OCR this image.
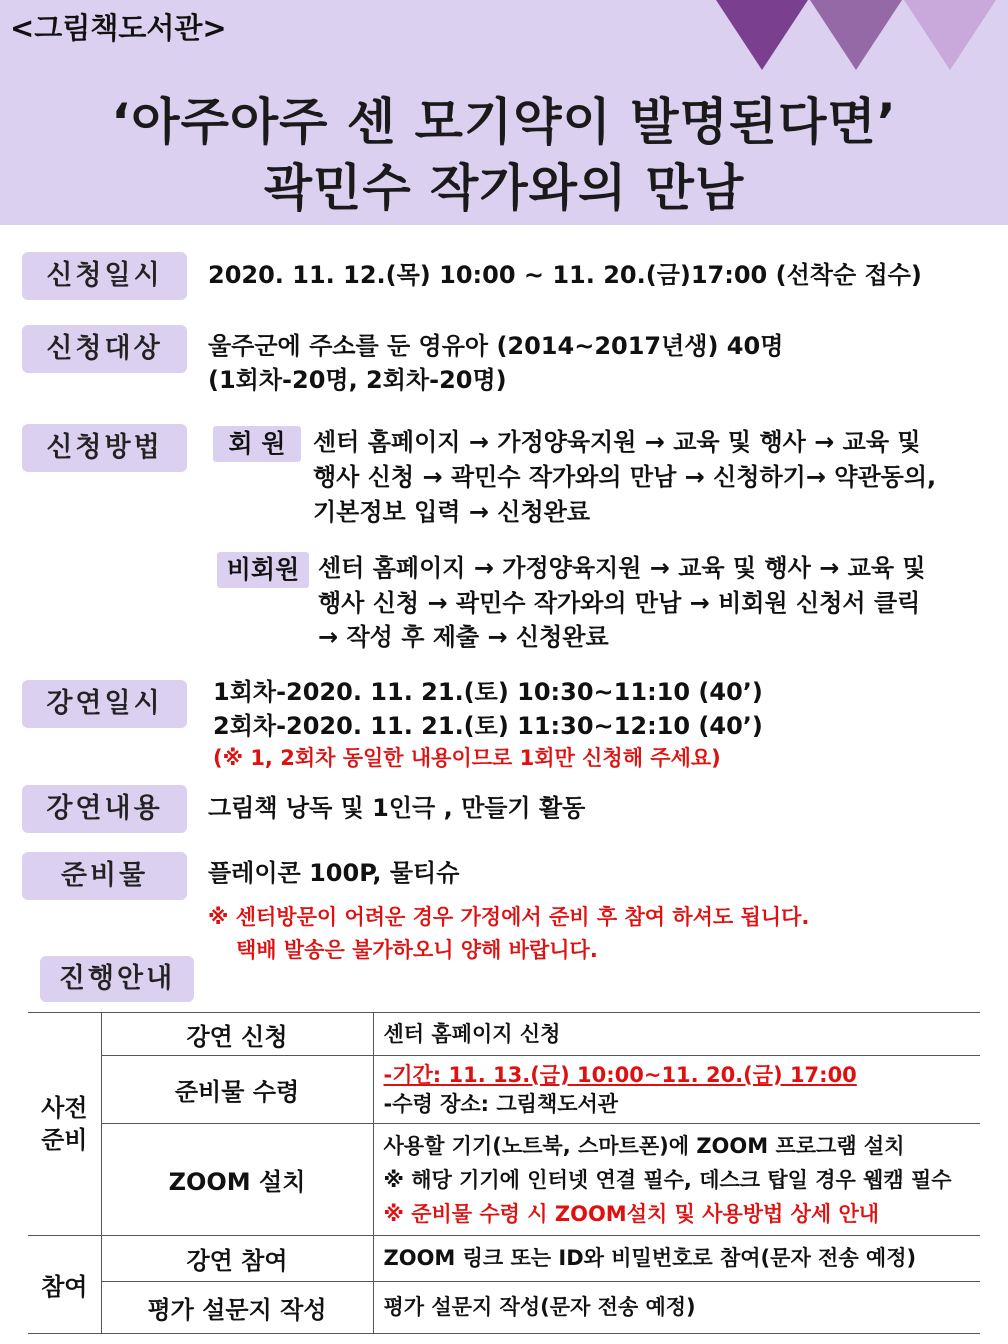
<그림책도서관>
‘아주아주 센 모기약이 발명된다면’
곽민수 작가와의 만남
신청일시	2020. 11. 12.(목) 10:00 ~ 11. 20.(금)17:00 (선착순 접수)
신청대상	울주군에 주소를 둔 영유아 (2014~2017년생) 40명
(1회차-20명, 2회차-20명)
신청방법	회 원	센터 홈페이지 → 가정양육지원 → 교육 및 행사 → 교육 및
행사 신청 → 곽민수 작가와의 만남 → 신청하기→ 약관동의,
기본정보 입력 → 신청완료
비회원 센터 홈페이지 → 가정양육지원 → 교육 및 행사 → 교육 및
행사 신청 → 곽민수 작가와의 만남 → 비회원 신청서 클릭
→ 작성 후 제출 → 신청완료
강연일시	1회차-2020. 11. 21.(토) 10:30~11:10 (40’)
2회차-2020. 11. 21.(토) 11:30~12:10 (40’)
(※ 1, 2회차 동일한 내용이므로 1회만 신청해 주세요)
강연내용	그림책 낭독 및 1인극 , 만들기 활동
준비물	플레이콘 100P, 물티슈
※ 센터방문이 어려운 경우 가정에서 준비 후 참여 하셔도 됩니다.
택배 발송은 불가하오니 양해 바랍니다.
진행안내
사전
준비	강연 신청	센터 홈페이지 신청
	준비물 수령	-기간: 11. 13.(금) 10:00~11. 20.(금) 17:00
-수령 장소: 그림책도서관

	ZOOM 설치	사용할 기기(노트북, 스마트폰)에 ZOOM 프로그램 설치
※ 해당 기기에 인터넷 연결 필수, 데스크 탑일 경우 웹캠 필수
※ 준비물 수령 시 ZOOM설치 및 사용방법 상세 안내

참여	강연 참여	ZOOM 링크 또는 ID와 비밀번호로 참여(문자 전송 예정)
	평가 설문지 작성	평가 설문지 작성(문자 전송 예정)
